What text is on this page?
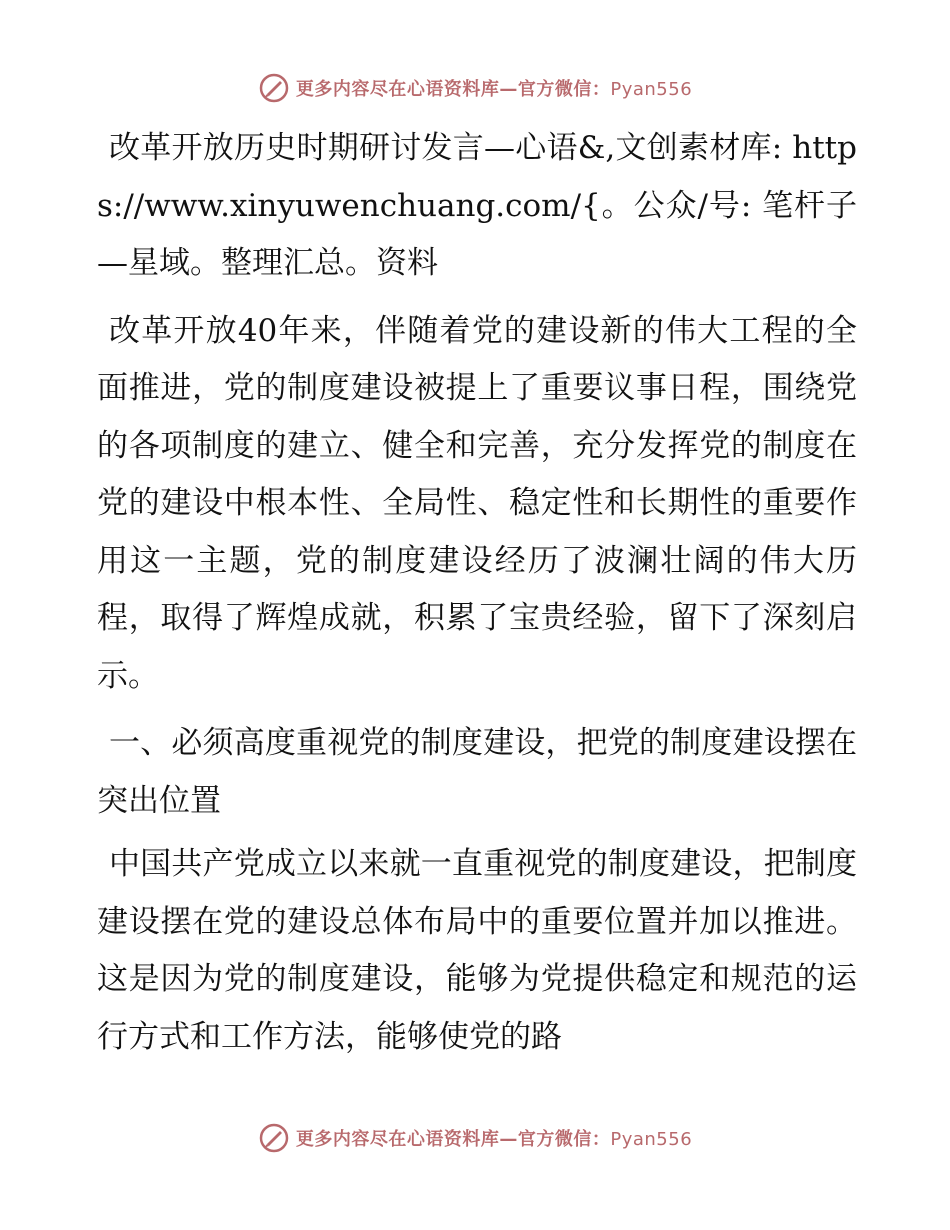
更多内容尽在心语资料库—官方微信：Pyan556

改革开放历史时期研讨发言—心语&,文创素材库: https://www.xinyuwenchuang.com/{。公众/号: 笔杆子—星域。整理汇总。资料

改革开放40年来，伴随着党的建设新的伟大工程的全面推进，党的制度建设被提上了重要议事日程，围绕党的各项制度的建立、健全和完善，充分发挥党的制度在党的建设中根本性、全局性、稳定性和长期性的重要作用这一主题，党的制度建设经历了波澜壮阔的伟大历程，取得了辉煌成就，积累了宝贵经验，留下了深刻启示。

一、必须高度重视党的制度建设，把党的制度建设摆在突出位置

中国共产党成立以来就一直重视党的制度建设，把制度建设摆在党的建设总体布局中的重要位置并加以推进。这是因为党的制度建设，能够为党提供稳定和规范的运行方式和工作方法，能够使党的路

更多内容尽在心语资料库—官方微信：Pyan556
